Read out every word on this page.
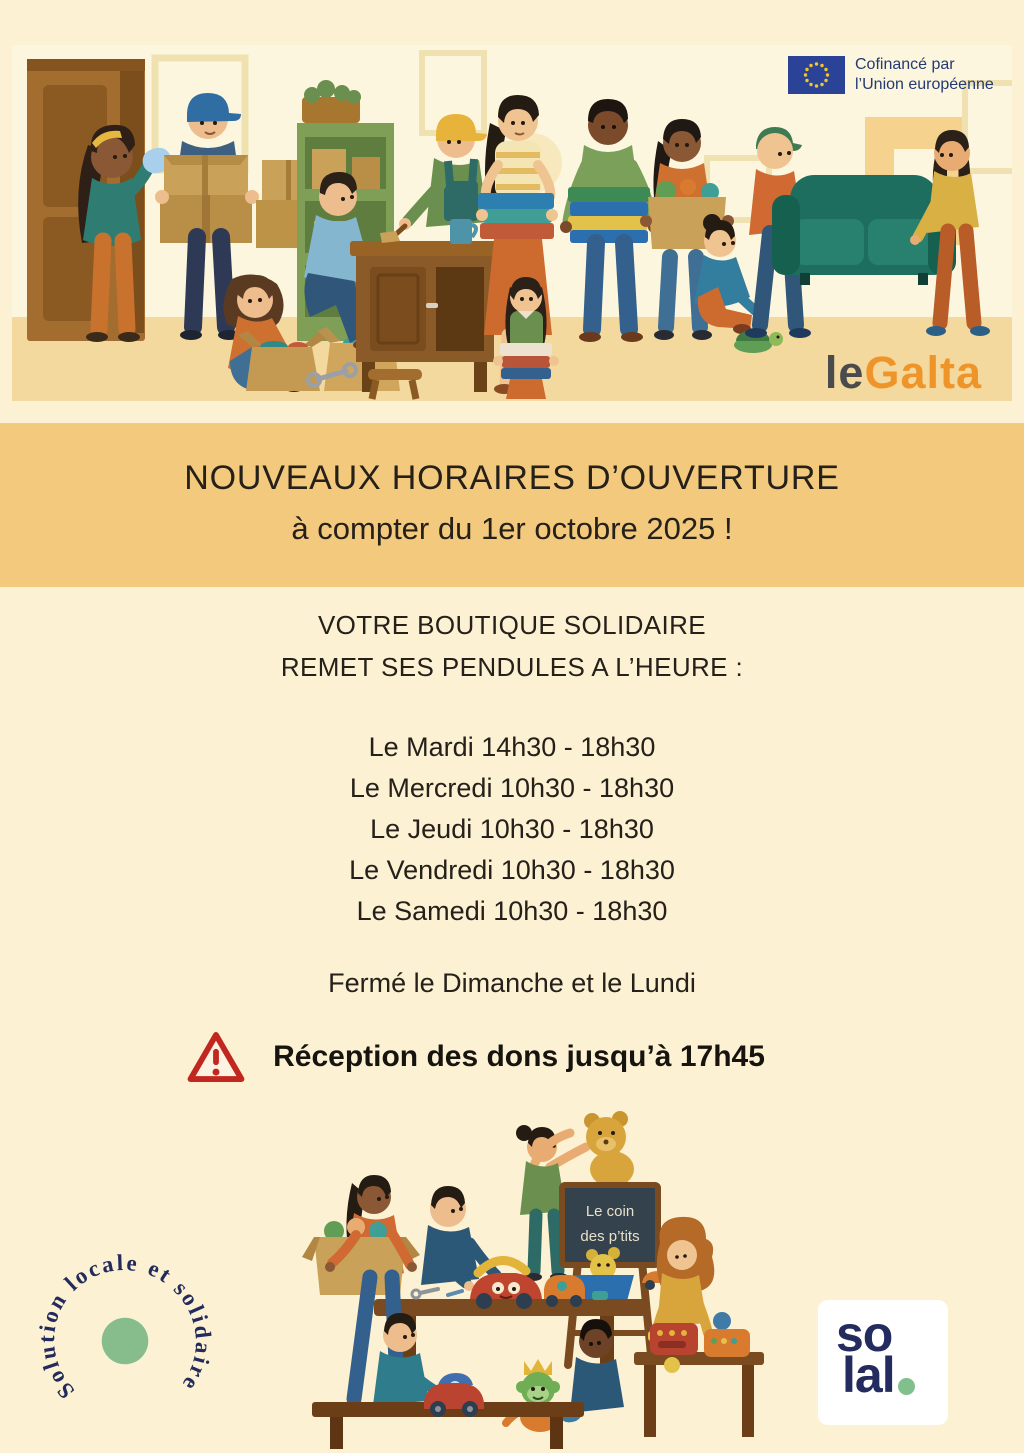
leGalta
Cofinancé par
l’Union européenne
NOUVEAUX HORAIRES D’OUVERTURE
à compter du 1er octobre 2025 !
VOTRE BOUTIQUE SOLIDAIRE
REMET SES PENDULES A L’HEURE :
Le Mardi 14h30 - 18h30
Le Mercredi 10h30 - 18h30
Le Jeudi 10h30 - 18h30
Le Vendredi 10h30 - 18h30
Le Samedi 10h30 - 18h30
Fermé le Dimanche et le Lundi
Réception des dons jusqu’à 17h45
Le coin
des p’tits
Solution locale et solidaire
so
lal
